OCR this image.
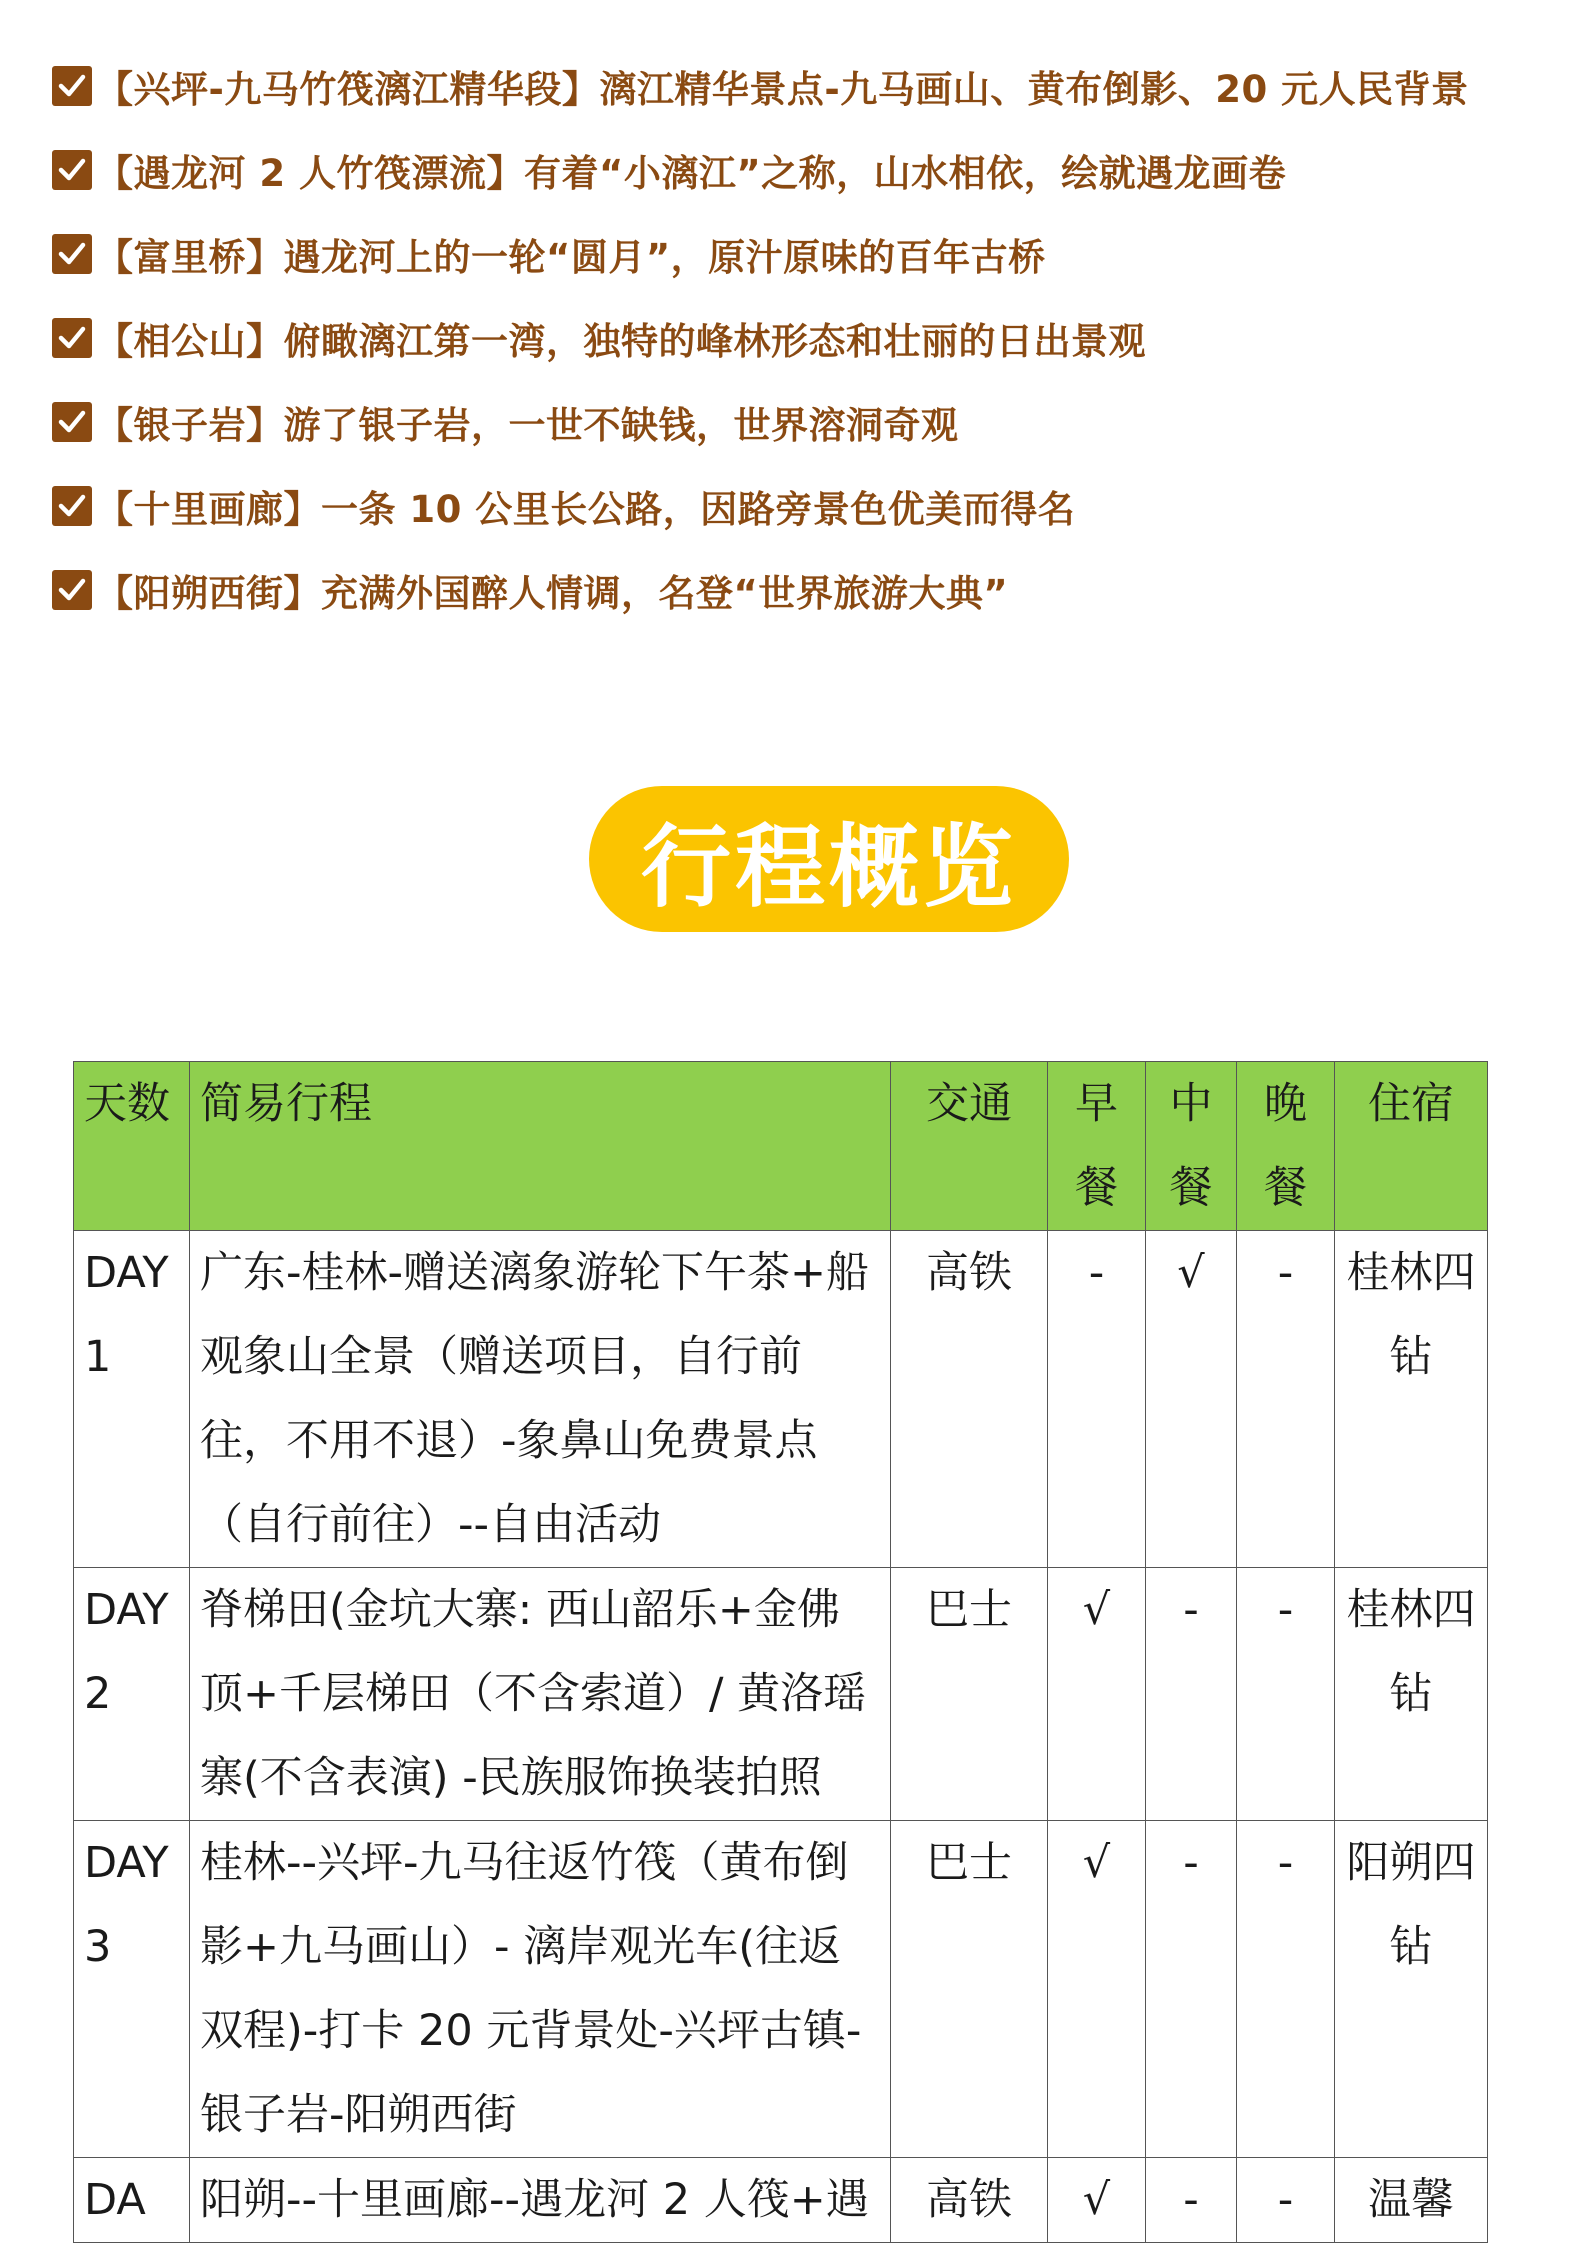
【兴坪-九马竹筏漓江精华段】漓江精华景点-九马画山、黄布倒影、20 元人民背景
【遇龙河 2 人竹筏漂流】有着“小漓江”之称，山水相依，绘就遇龙画卷
【富里桥】遇龙河上的一轮“圆月”，原汁原味的百年古桥
【相公山】俯瞰漓江第一湾，独特的峰林形态和壮丽的日出景观
【银子岩】游了银子岩，一世不缺钱，世界溶洞奇观
【十里画廊】一条 10 公里长公路，因路旁景色优美而得名
【阳朔西街】充满外国醉人情调，名登“世界旅游大典”
行程概览
天数	简易行程	交通	早餐	中餐	晚餐	住宿
DAY1	广东-桂林-赠送漓象游轮下午茶+船观象山全景（赠送项目，自行前往，不用不退）-象鼻山免费景点（自行前往）--自由活动	高铁	-	√	-	桂林四钻
DAY2	脊梯田(金坑大寨: 西山韶乐+金佛顶+千层梯田（不含索道）/ 黄洛瑶寨(不含表演) -民族服饰换装拍照	巴士	√	-	-	桂林四钻
DAY3	桂林--兴坪-九马往返竹筏（黄布倒影+九马画山）- 漓岸观光车(往返双程)-打卡 20 元背景处-兴坪古镇-银子岩-阳朔西街	巴士	√	-	-	阳朔四钻
DA	阳朔--十里画廊--遇龙河 2 人筏+遇	高铁	√	-	-	温馨
